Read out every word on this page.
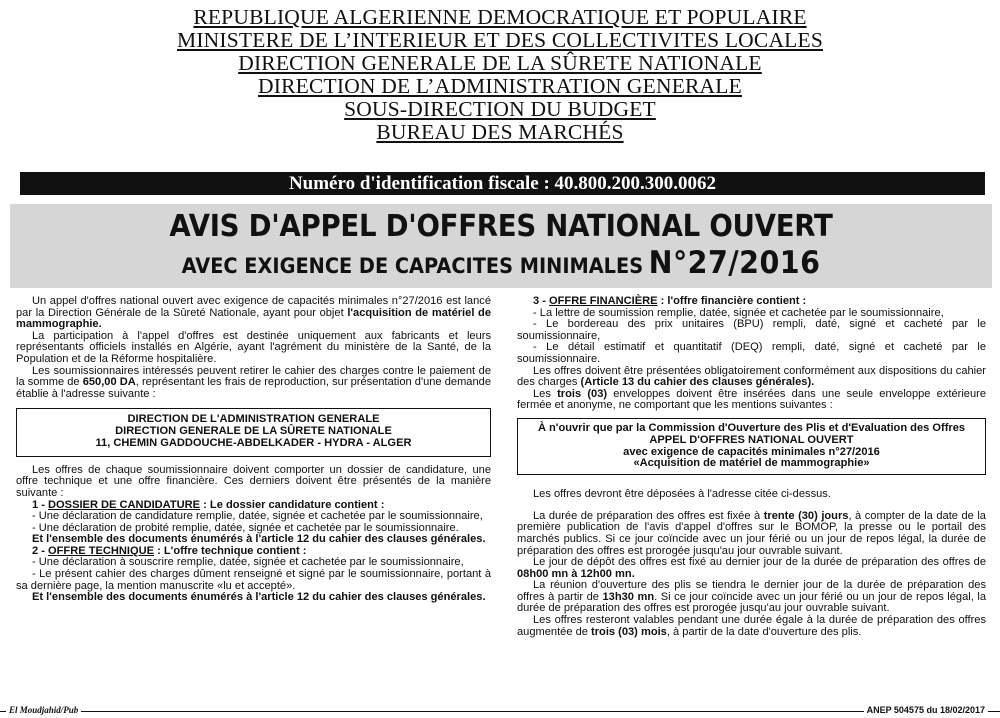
REPUBLIQUE ALGERIENNE DEMOCRATIQUE ET POPULAIRE
MINISTERE DE L’INTERIEUR ET DES COLLECTIVITES LOCALES
DIRECTION GENERALE DE LA SÛRETE NATIONALE
DIRECTION DE L’ADMINISTRATION GENERALE
SOUS-DIRECTION DU BUDGET
BUREAU DES MARCHÉS
Numéro d'identification fiscale : 40.800.200.300.0062
AVIS D'APPEL D'OFFRES NATIONAL OUVERT
AVEC EXIGENCE DE CAPACITES MINIMALES N°27/2016

Un appel d'offres national ouvert avec exigence de capacités minimales n°27/2016 est lancé par la Direction Générale de la Sûreté Nationale, ayant pour objet l'acquisition de matériel de mammographie.

La participation à l'appel d'offres est destinée uniquement aux fabricants et leurs représentants officiels installés en Algérie, ayant l'agrément du ministère de la Santé, de la Population et de la Réforme hospitalière.

Les soumissionnaires intéressés peuvent retirer le cahier des charges contre le paiement de la somme de 650,00 DA, représentant les frais de reproduction, sur présentation d'une demande établie à l'adresse suivante :

DIRECTION DE L'ADMINISTRATION GENERALE
DIRECTION GENERALE DE LA SÛRETE NATIONALE
11, CHEMIN GADDOUCHE-ABDELKADER - HYDRA - ALGER

Les offres de chaque soumissionnaire doivent comporter un dossier de candidature, une offre technique et une offre financière. Ces derniers doivent être présentés de la manière suivante :

1 - DOSSIER DE CANDIDATURE : Le dossier candidature contient :

- Une déclaration de candidature remplie, datée, signée et cachetée par le soumissionnaire,

- Une déclaration de probité remplie, datée, signée et cachetée par le soumissionnaire.

Et l'ensemble des documents énumérés à l'article 12 du cahier des clauses générales.

2 - OFFRE TECHNIQUE : L'offre technique contient :

- Une déclaration à souscrire remplie, datée, signée et cachetée par le soumissionnaire,

- Le présent cahier des charges dûment renseigné et signé par le soumissionnaire, portant à sa dernière page, la mention manuscrite «lu et accepté».

Et l'ensemble des documents énumérés à l'article 12 du cahier des clauses générales.

3 - OFFRE FINANCIÈRE : l'offre financière contient :

- La lettre de soumission remplie, datée, signée et cachetée par le soumissionnaire,

- Le bordereau des prix unitaires (BPU) rempli, daté, signé et cacheté par le soumissionnaire,

- Le détail estimatif et quantitatif (DEQ) rempli, daté, signé et cacheté par le soumissionnaire.

Les offres doivent être présentées obligatoirement conformément aux dispositions du cahier des charges (Article 13 du cahier des clauses générales).

Les trois (03) enveloppes doivent être insérées dans une seule enveloppe extérieure fermée et anonyme, ne comportant que les mentions suivantes :

À n'ouvrir que par la Commission d'Ouverture des Plis et d'Evaluation des Offres
APPEL D'OFFRES NATIONAL OUVERT
avec exigence de capacités minimales n°27/2016
«Acquisition de matériel de mammographie»

Les offres devront être déposées à l'adresse citée ci-dessus.

La durée de préparation des offres est fixée à trente (30) jours, à compter de la date de la première publication de l'avis d'appel d'offres sur le BOMOP, la presse ou le portail des marchés publics. Si ce jour coïncide avec un jour férié ou un jour de repos légal, la durée de préparation des offres est prorogée jusqu'au jour ouvrable suivant.

Le jour de dépôt des offres est fixé au dernier jour de la durée de préparation des offres de 08h00 mn à 12h00 mn.

La réunion d'ouverture des plis se tiendra le dernier jour de la durée de préparation des offres à partir de 13h30 mn. Si ce jour coïncide avec un jour férié ou un jour de repos légal, la durée de préparation des offres est prorogée jusqu'au jour ouvrable suivant.

Les offres resteront valables pendant une durée égale à la durée de préparation des offres augmentée de trois (03) mois, à partir de la date d'ouverture des plis.

El Moudjahid/Pub	ANEP 504575 du 18/02/2017
